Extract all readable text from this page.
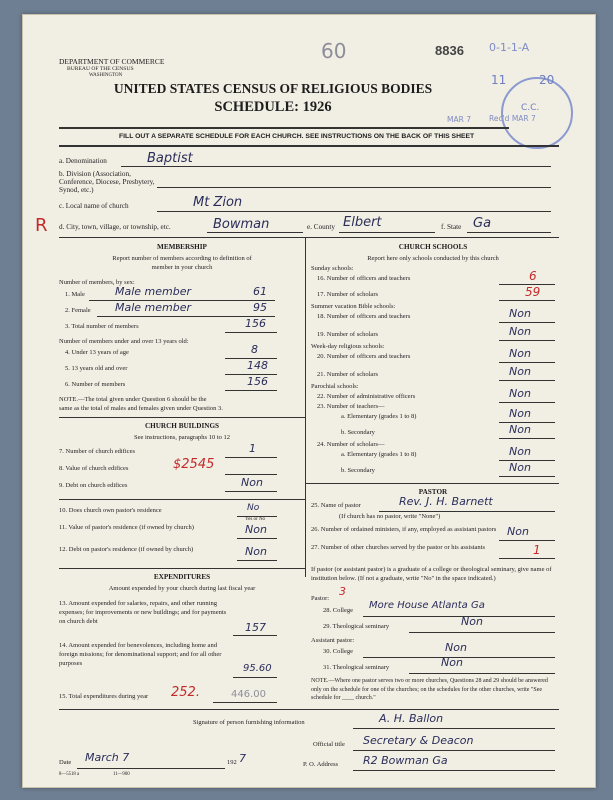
DEPARTMENT OF COMMERCE
BUREAU OF THE CENSUS
WASHINGTON
60	8836 0-1-1-A
UNITED STATES CENSUS OF RELIGIOUS BODIES
SCHEDULE: 1926	C.C.
11	20
MAR 7 Rec'd MAR 7
FILL OUT A SEPARATE SCHEDULE FOR EACH CHURCH. SEE INSTRUCTIONS ON THE BACK OF THIS SHEET
a. Denomination	Baptist
b. Division (Association, Conference, Diocese, Presbytery, Synod, etc.)
c. Local name of church	Mt Zion
R d. City, town, village, or township, etc.	Bowman	e. County Elbert	f. State Ga
MEMBERSHIP
Report number of members according to definition of
member in your church
Number of members, by sex:
1. Male	Male member	61
2. Female Male member	95
3. Total number of members	156
Number of members under and over 13 years old:
4. Under 13 years of age	8
5. 13 years old and over	148
6. Number of members	156
NOTE.—The total given under Question 6 should be the
same as the total of males and females given under Question 3.
CHURCH BUILDINGS
See instructions, paragraphs 10 to 12
7. Number of church edifices	1
8. Value of church edifices	$2545
9. Debt on church edifices	Non
10. Does church own pastor's residence	No
Yes or No
11. Value of pastor's residence (if owned by church)	Non
12. Debt on pastor's residence (if owned by church)	Non
EXPENDITURES
Amount expended by your church during last fiscal year
13. Amount expended for salaries, repairs, and other running expenses; for improvements or new buildings; and for payments on church debt	157
14. Amount expended for benevolences, including home and foreign missions; for denominational support; and for all other purposes	95.60
15. Total expenditures during year 252.	446.00
CHURCH SCHOOLS
Report here only schools conducted by this church
Sunday schools:
16. Number of officers and teachers	6
17. Number of scholars	59
Summer vacation Bible schools:
18. Number of officers and teachers	Non
19. Number of scholars	Non
Week-day religious schools:
20. Number of officers and teachers	Non
21. Number of scholars	Non
Parochial schools:
22. Number of administrative officers	Non
23. Number of teachers—
a. Elementary (grades 1 to 8)	Non
b. Secondary	Non
24. Number of scholars—
a. Elementary (grades 1 to 8)	Non
b. Secondary	Non
PASTOR
25. Name of pastor	Rev. J. H. Barnett
(If church has no pastor, write "None")
26. Number of ordained ministers, if any, employed as assistant pastors Non
27. Number of other churches served by the pastor or his assistants	1
If pastor (or assistant pastor) is a graduate of a college or theological seminary, give name of institution below. (If not a graduate, write "No" in the space indicated.)
Pastor:
3
28. College More House Atlanta Ga
29. Theological seminary	Non
Assistant pastor:
30. College	Non
31. Theological seminary	Non
NOTE.—Where one pastor serves two or more churches, Questions 28 and 29 should be answered only on the schedule for one of the churches; on the schedules for the other churches, write "See schedule for ____ church."
Signature of person furnishing information	A. H. Ballon
Official title Secretary & Deacon
Date March 7	192 7	P. O. Address R2 Bowman Ga
8—5518 a	11—900
